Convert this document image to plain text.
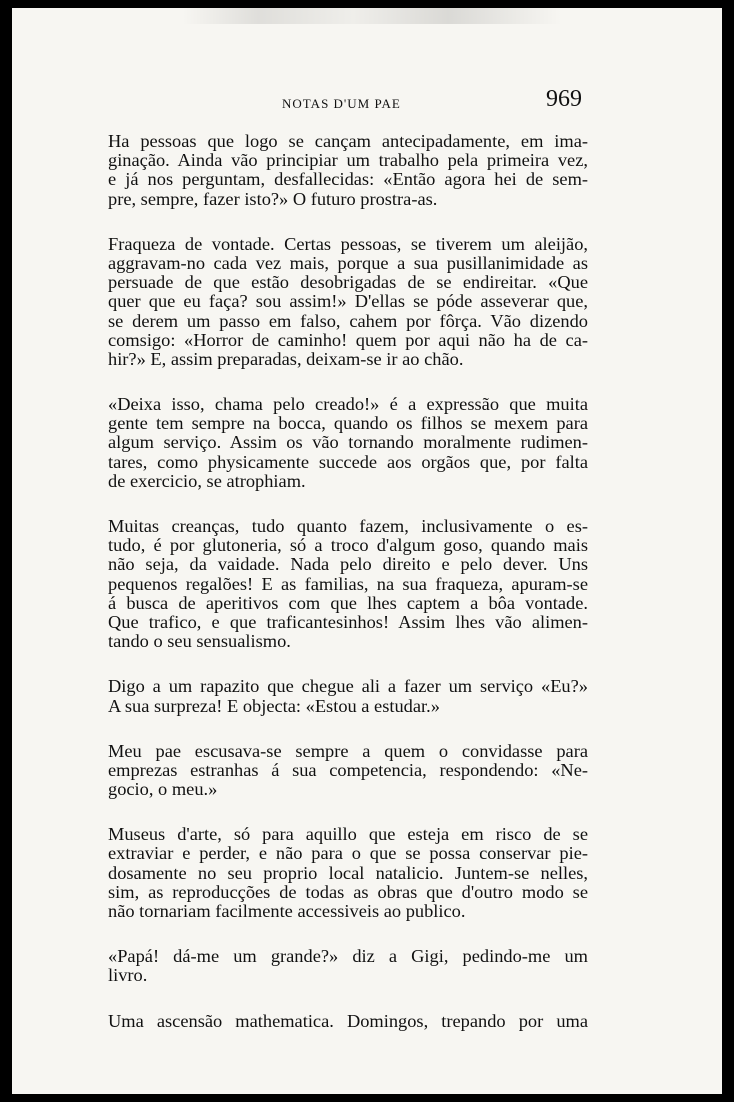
NOTAS D'UM PAE	969
Ha pessoas que logo se cançam antecipadamente, em ima-
ginação. Ainda vão principiar um trabalho pela primeira vez,
e já nos perguntam, desfallecidas: «Então agora hei de sem-
pre, sempre, fazer isto?» O futuro prostra-as.
Fraqueza de vontade. Certas pessoas, se tiverem um aleijão,
aggravam-no cada vez mais, porque a sua pusillanimidade as
persuade de que estão desobrigadas de se endireitar. «Que
quer que eu faça? sou assim!» D'ellas se póde asseverar que,
se derem um passo em falso, cahem por fôrça. Vão dizendo
comsigo: «Horror de caminho! quem por aqui não ha de ca-
hir?» E, assim preparadas, deixam-se ir ao chão.
«Deixa isso, chama pelo creado!» é a expressão que muita
gente tem sempre na bocca, quando os filhos se mexem para
algum serviço. Assim os vão tornando moralmente rudimen-
tares, como physicamente succede aos orgãos que, por falta
de exercicio, se atrophiam.
Muitas creanças, tudo quanto fazem, inclusivamente o es-
tudo, é por glutoneria, só a troco d'algum goso, quando mais
não seja, da vaidade. Nada pelo direito e pelo dever. Uns
pequenos regalões! E as familias, na sua fraqueza, apuram-se
á busca de aperitivos com que lhes captem a bôa vontade.
Que trafico, e que traficantesinhos! Assim lhes vão alimen-
tando o seu sensualismo.
Digo a um rapazito que chegue ali a fazer um serviço «Eu?»
A sua surpreza! E objecta: «Estou a estudar.»
Meu pae escusava-se sempre a quem o convidasse para
emprezas estranhas á sua competencia, respondendo: «Ne-
gocio, o meu.»
Museus d'arte, só para aquillo que esteja em risco de se
extraviar e perder, e não para o que se possa conservar pie-
dosamente no seu proprio local natalicio. Juntem-se nelles,
sim, as reproducções de todas as obras que d'outro modo se
não tornariam facilmente accessiveis ao publico.
«Papá! dá-me um grande?» diz a Gigi, pedindo-me um
livro.
Uma ascensão mathematica. Domingos, trepando por uma
